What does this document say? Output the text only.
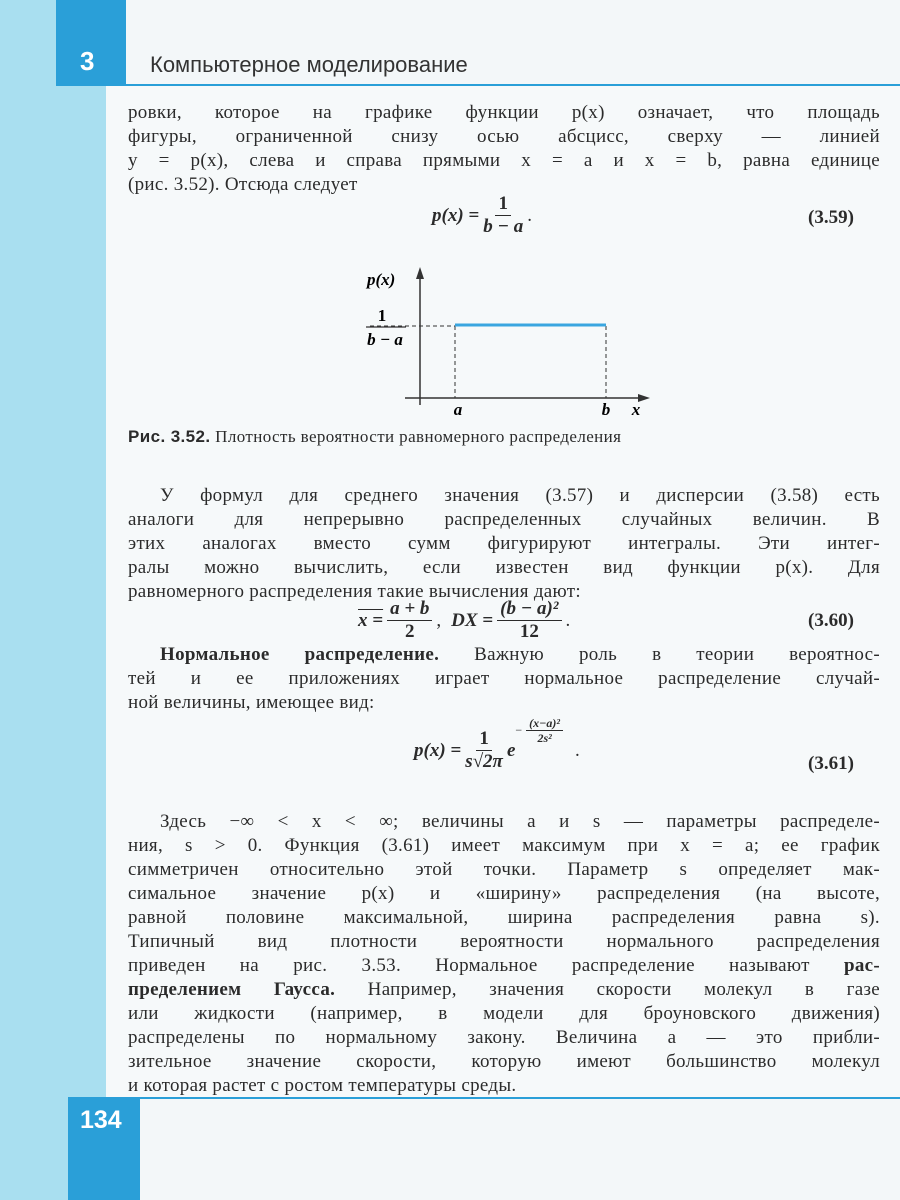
3	Компьютерное моделирование
ровки, которое на графике функции p(x) означает, что площадь
фигуры, ограниченной снизу осью абсцисс, сверху — линией
y = p(x), слева и справа прямыми x = a и x = b, равна единице
(рис. 3.52). Отсюда следует
$p(x) = \frac{1}{b - a}$ .	(3.59)
p(x)
1
b − a
a	b x
Рис. 3.52. Плотность вероятности равномерного распределения
У формул для среднего значения (3.57) и дисперсии (3.58) есть
аналоги для непрерывно распределенных случайных величин. В
этих аналогах вместо сумм фигурируют интегралы. Эти интег-
ралы можно вычислить, если известен вид функции p(x). Для
равномерного распределения такие вычисления дают:
$x = \frac{a + b}{2}$ , DX = $\frac{\text{(b − a)²}}{12}$ .	(3.60)
Нормальное распределение. Важную роль в теории вероятнос-
тей и ее приложениях играет нормальное распределение случай-
ной величины, имеющее вид:
$p(x) = \frac{1}{s√2\pi}$ e
− $\frac{\text{(x−a)²}}{\text{2s²}}$
.
(3.61)
Здесь −∞ < x < ∞; величины a и s — параметры распределе-
ния, s > 0. Функция (3.61) имеет максимум при x = a; ее график
симметричен относительно этой точки. Параметр s определяет мак-
симальное значение p(x) и «ширину» распределения (на высоте,
равной половине максимальной, ширина распределения равна s).
Типичный вид плотности вероятности нормального распределения
приведен на рис. 3.53. Нормальное распределение называют рас-
пределением Гаусса. Например, значения скорости молекул в газе
или жидкости (например, в модели для броуновского движения)
распределены по нормальному закону. Величина a — это прибли-
зительное значение скорости, которую имеют большинство молекул
и которая растет с ростом температуры среды.
134
